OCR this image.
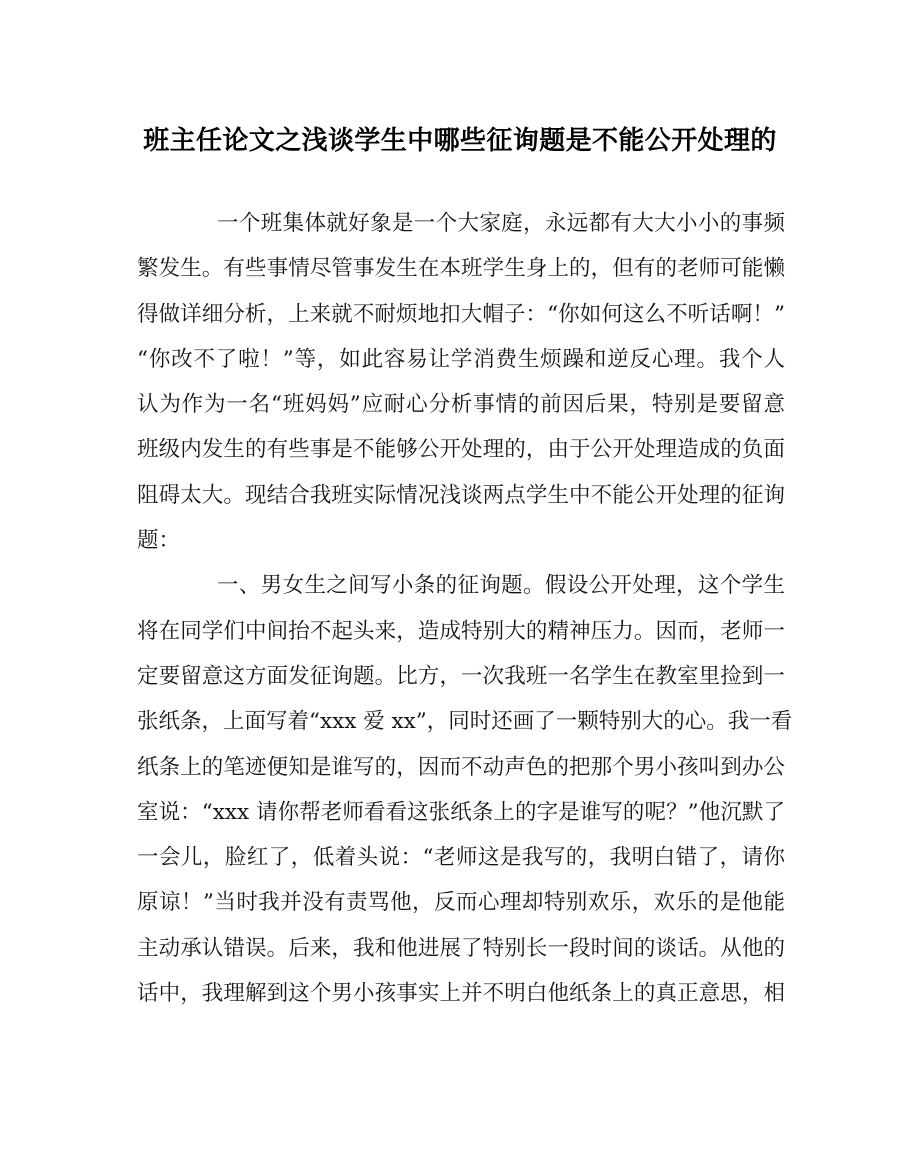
班主任论文之浅谈学生中哪些征询题是不能公开处理的
一个班集体就好象是一个大家庭，永远都有大大小小的事频
繁发生。有些事情尽管事发生在本班学生身上的，但有的老师可能懒
得做详细分析，上来就不耐烦地扣大帽子：“你如何这么不听话啊！”
“你改不了啦！”等，如此容易让学消费生烦躁和逆反心理。我个人
认为作为一名“班妈妈”应耐心分析事情的前因后果，特别是要留意
班级内发生的有些事是不能够公开处理的，由于公开处理造成的负面
阻碍太大。现结合我班实际情况浅谈两点学生中不能公开处理的征询
题：
一、男女生之间写小条的征询题。假设公开处理，这个学生
将在同学们中间抬不起头来，造成特别大的精神压力。因而，老师一
定要留意这方面发征询题。比方，一次我班一名学生在教室里捡到一
张纸条，上面写着“xxx 爱 xx”，同时还画了一颗特别大的心。我一看
纸条上的笔迹便知是谁写的，因而不动声色的把那个男小孩叫到办公
室说：“xxx 请你帮老师看看这张纸条上的字是谁写的呢？”他沉默了
一会儿，脸红了，低着头说：“老师这是我写的，我明白错了，请你
原谅！”当时我并没有责骂他，反而心理却特别欢乐，欢乐的是他能
主动承认错误。后来，我和他进展了特别长一段时间的谈话。从他的
话中，我理解到这个男小孩事实上并不明白他纸条上的真正意思，相
